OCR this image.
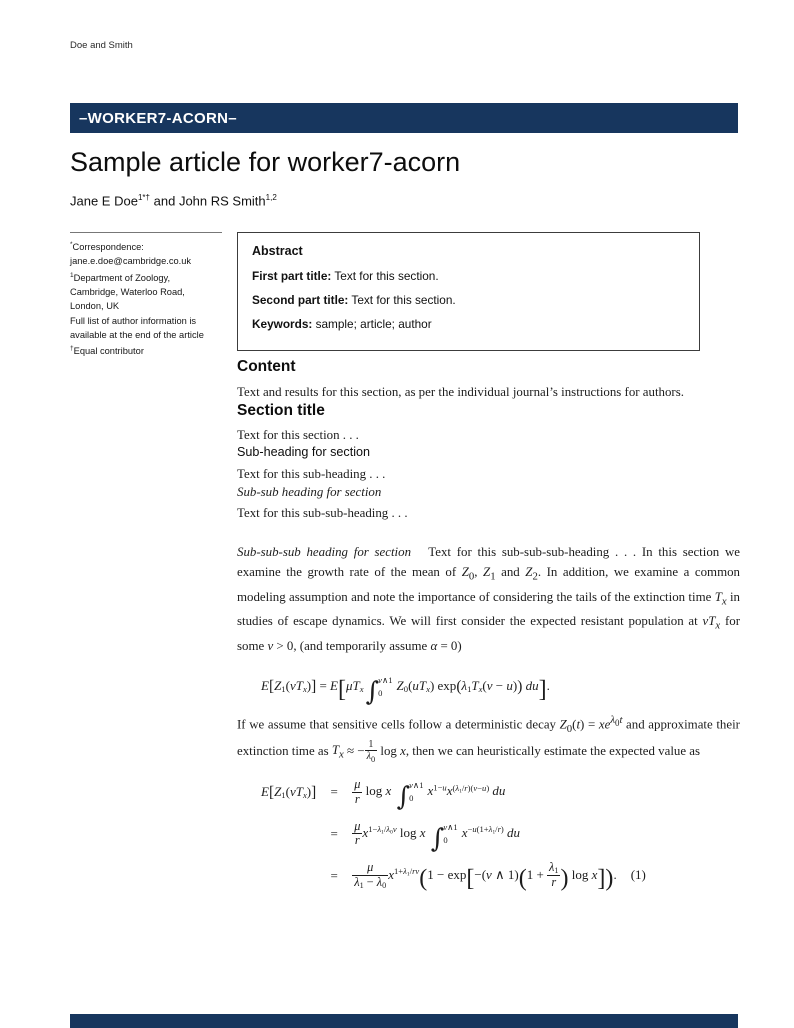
Doe and Smith
–WORKER7-ACORN–
Sample article for worker7-acorn
Jane E Doe$^{1*\dagger}$ and John RS Smith$^{1,2}$
*Correspondence:
jane.e.doe@cambridge.co.uk
$^1$Department of Zoology,
Cambridge, Waterloo Road,
London, UK
Full list of author information is
available at the end of the article
†Equal contributor
Abstract
First part title: Text for this section.
Second part title: Text for this section.
Keywords: sample; article; author
Content

Text and results for this section, as per the individual journal’s instructions for authors.

Section title

Text for this section . . .

Sub-heading for section

Text for this sub-heading . . .

Sub-sub heading for section

Text for this sub-sub-heading . . .

Sub-sub-sub heading for section   Text for this sub-sub-sub-heading . . . In this section we examine the growth rate of the mean of $Z_0$, $Z_1$ and $Z_2$. In addition, we examine a common modeling assumption and note the importance of considering the tails of the extinction time $T_x$ in studies of escape dynamics. We will first consider the expected resistant population at $vT_x$ for some v > 0, (and temporarily assume α = 0)

$E[Z_1(vT_x)] = E[\mu T_x\int$ v∧1
0	$Z_0(uT_x) \exp(\lambda_1T_x(v - u))$ du].

If we assume that sensitive cells follow a deterministic decay $Z_0(t) = xe^{\lambda_0t}$ and approximate their extinction time as $T_x$ ≈ − $\frac{1}{\lambda_0}$ log x, then we can heuristically estimate the expected value as

$E[Z_1(vT_x)]$	=	$\frac{\mu}{r}$ log x ∫ v∧1
0	$x^{1-u}x^{(\lambda_1/r)(v-u)}$ du
=	$\frac{\mu}{r} x^{1-\lambda_1/\lambda_0v}$ log x ∫ v∧1
0	$x^{-u(1+\lambda_1/r)}$ du
=	$\frac{\mu}{\lambda_1 - \lambda_0} x^{1+\lambda_1/rv}(1 - \exp[-(v$ ∧ $1)(1 + \frac{\lambda_1}{r}$ ) log x]). (1)
